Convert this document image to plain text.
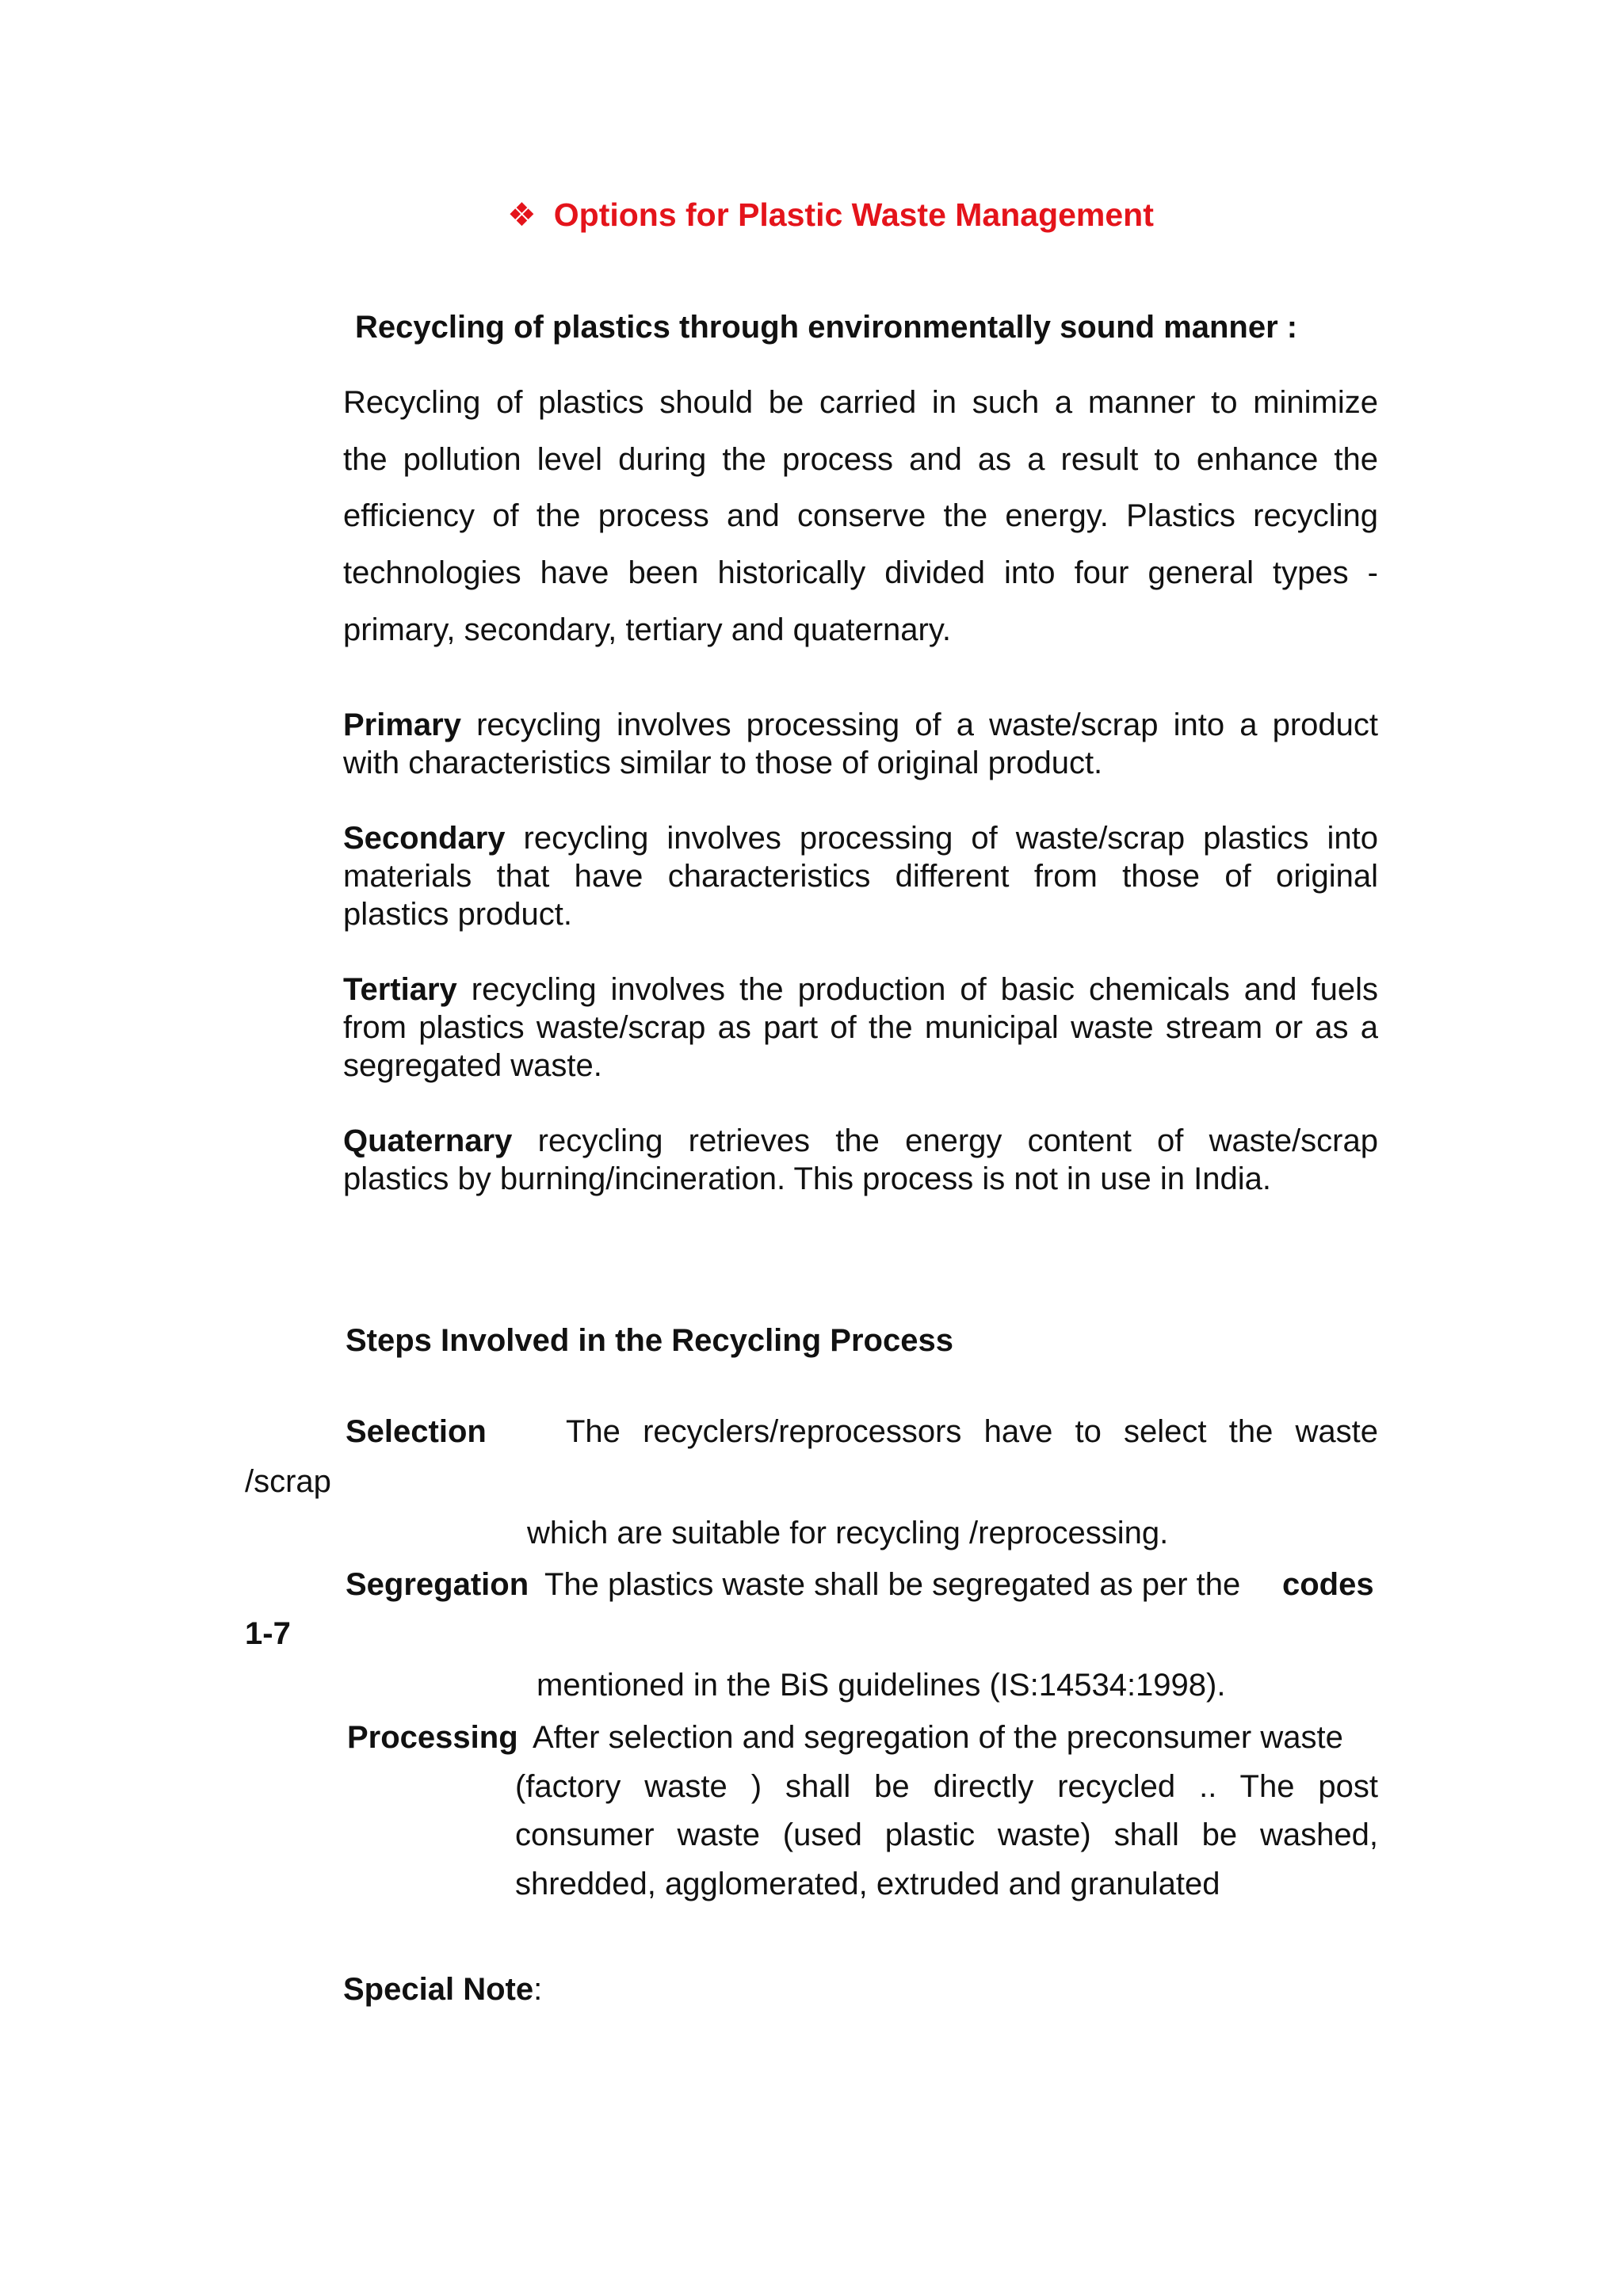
❖ Options for Plastic Waste Management
Recycling of plastics through environmentally sound manner :
Recycling of plastics should be carried in such a manner to minimize
the pollution level during the process and as a result to enhance the
efficiency of the process and conserve the energy. Plastics recycling
technologies have been historically divided into four general types -
primary, secondary, tertiary and quaternary.
Primary recycling involves processing of a waste/scrap into a product
with characteristics similar to those of original product.
Secondary recycling involves processing of waste/scrap plastics into
materials that have characteristics different from those of original
plastics product.
Tertiary recycling involves the production of basic chemicals and fuels
from plastics waste/scrap as part of the municipal waste stream or as a
segregated waste.
Quaternary recycling retrieves the energy content of waste/scrap
plastics by burning/incineration. This process is not in use in India.
Steps Involved in the Recycling Process
Selection	The recyclers/reprocessors have to select the waste
/scrap
which are suitable for recycling /reprocessing.
Segregation The plastics waste shall be segregated as per the codes
1-7
mentioned in the BiS guidelines (IS:14534:1998).
Processing After selection and segregation of the preconsumer waste
(factory waste ) shall be directly recycled .. The post
consumer waste (used plastic waste) shall be washed,
shredded, agglomerated, extruded and granulated
Special Note:
